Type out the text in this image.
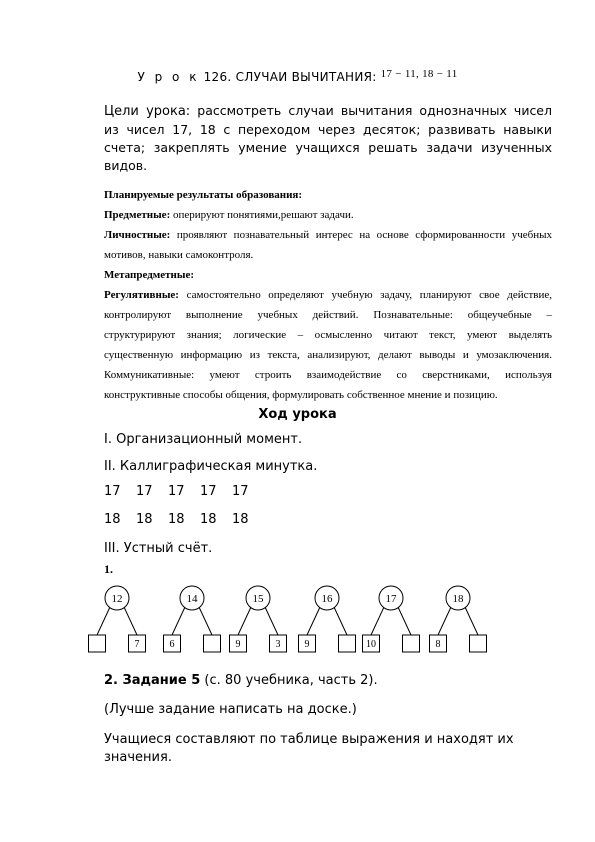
У р о к 126. СЛУЧАИ ВЫЧИТАНИЯ: 17 − 11, 18 − 11
Цели урока: рассмотреть случаи вычитания однозначных чисел из чисел 17, 18 с переходом через десяток; развивать навыки счета; закреплять умение учащихся решать задачи изученных видов.

Планируемые результаты образования:

Предметные: оперируют понятиями,решают задачи.

Личностные: проявляют познавательный интерес на основе сформированности учебных мотивов, навыки самоконтроля.

Метапредметные:

Регулятивные: самостоятельно определяют учебную задачу, планируют свое действие, контролируют выполнение учебных действий. Познавательные: общеучебные – структурируют знания; логические – осмысленно читают текст, умеют выделять существенную информацию из текста, анализируют, делают выводы и умозаключения. Коммуникативные: умеют строить взаимодействие со сверстниками, используя конструктивные способы общения, формулировать собственное мнение и позицию.

Ход урока
I. Организационный момент.
II. Каллиграфическая минутка.
17 17 17 17 17
18 18 18 18 18
III. Устный счёт.
1.
12
7
14
6
15
9	3
16
9
17
10
18
8
2. Задание 5 (с. 80 учебника, часть 2).
(Лучше задание написать на доске.)
Учащиеся составляют по таблице выражения и находят их значения.
